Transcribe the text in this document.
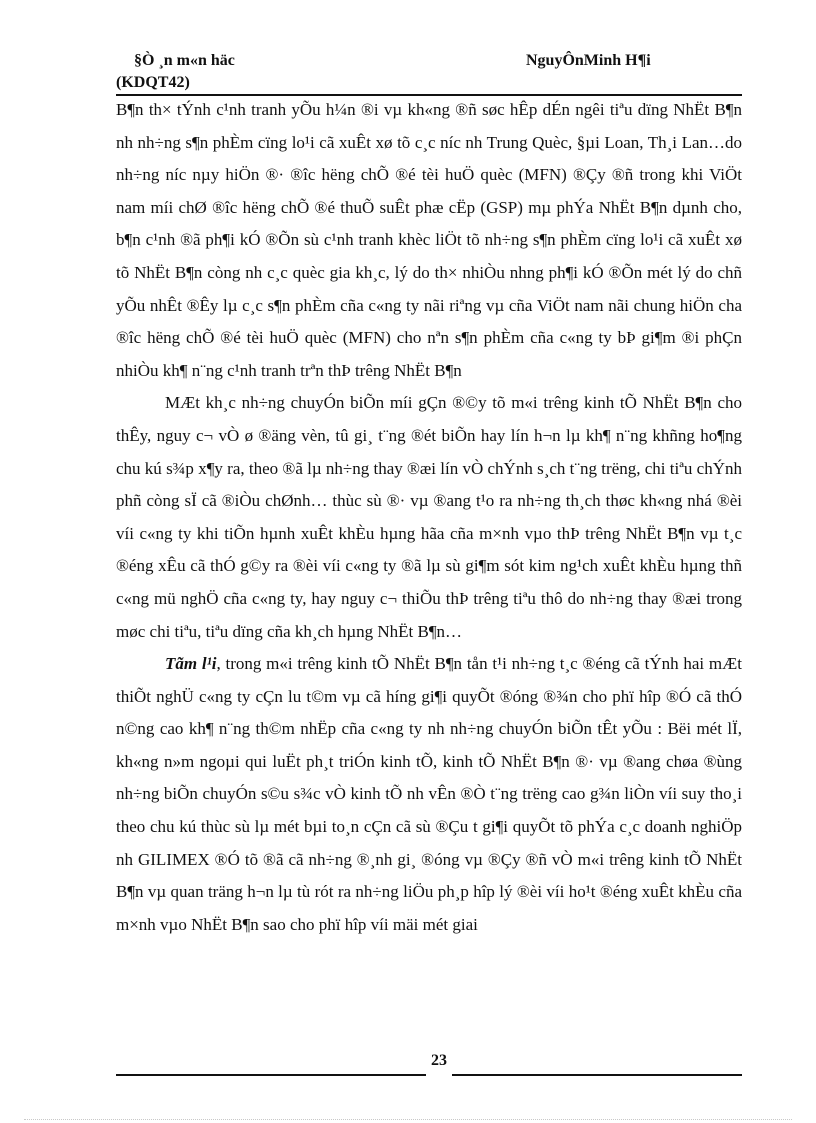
§Ò ¸n m«n häc
(KDQT42)
NguyÔnMinh H¶i

B¶n th× tÝnh c¹nh tranh yÕu h¼n ®i vµ kh«ng ®ñ søc hÊp dÉn ngêi tiªu dïng NhËt B¶n nh nh÷ng s¶n phÈm cïng lo¹i cã xuÊt xø tõ c¸c níc nh Trung Quèc, §µi Loan, Th¸i Lan…do nh÷ng níc nµy hiÖn ®· ®îc hëng chÕ ®é tèi huÖ quèc (MFN) ®Çy ®ñ trong khi ViÖt nam míi chØ ®îc hëng chÕ ®é thuÕ suÊt phæ cËp (GSP) mµ phÝa NhËt B¶n dµnh cho, b¶n c¹nh ®ã ph¶i kÓ ®Õn sù c¹nh tranh khèc liÖt tõ nh÷ng s¶n phÈm cïng lo¹i cã xuÊt xø tõ NhËt B¶n còng nh c¸c quèc gia kh¸c, lý do th× nhiÒu nhng ph¶i kÓ ®Õn mét lý do chñ yÕu nhÊt ®Êy lµ c¸c s¶n phÈm cña c«ng ty nãi riªng vµ cña ViÖt nam nãi chung hiÖn cha ®îc hëng chÕ ®é tèi huÖ quèc (MFN) cho nªn s¶n phÈm cña c«ng ty bÞ gi¶m ®i phÇn nhiÒu kh¶ n¨ng c¹nh tranh trªn thÞ trêng NhËt B¶n

MÆt kh¸c nh÷ng chuyÓn biÕn míi gÇn ®©y tõ m«i trêng kinh tÕ NhËt B¶n cho thÊy, nguy c¬ vÒ ø ®äng vèn, tû gi¸ t¨ng ®ét biÕn hay lín h¬n lµ kh¶ n¨ng khñng ho¶ng chu kú s¾p x¶y ra, theo ®ã lµ nh÷ng thay ®æi lín vÒ chÝnh s¸ch t¨ng trëng, chi tiªu chÝnh phñ còng sÏ cã ®iÒu chØnh… thùc sù ®· vµ ®ang t¹o ra nh÷ng th¸ch thøc kh«ng nhá ®èi víi c«ng ty khi tiÕn hµnh xuÊt khÈu hµng hãa cña m×nh vµo thÞ trêng NhËt B¶n vµ t¸c ®éng xÊu cã thÓ g©y ra ®èi víi c«ng ty ®ã lµ sù gi¶m sót kim ng¹ch xuÊt khÈu hµng thñ c«ng mü nghÖ cña c«ng ty, hay nguy c¬ thiÕu thÞ trêng tiªu thô do nh÷ng thay ®æi trong møc chi tiªu, tiªu dïng cña kh¸ch hµng NhËt B¶n…

Tãm l¹i, trong m«i trêng kinh tÕ NhËt B¶n tån t¹i nh÷ng t¸c ®éng cã tÝnh hai mÆt thiÕt nghÜ c«ng ty cÇn lu t©m vµ cã híng gi¶i quyÕt ®óng ®¾n cho phï hîp ®Ó cã thÓ n©ng cao kh¶ n¨ng th©m nhËp cña c«ng ty nh nh÷ng chuyÓn biÕn tÊt yÕu : Bëi mét lÏ, kh«ng n»m ngoµi qui luËt ph¸t triÓn kinh tÕ, kinh tÕ NhËt B¶n ®· vµ ®ang chøa ®ùng nh÷ng biÕn chuyÓn s©u s¾c vÒ kinh tÕ nh vÊn ®Ò t¨ng trëng cao g¾n liÒn víi suy tho¸i theo chu kú thùc sù lµ mét bµi to¸n cÇn cã sù ®Çu t gi¶i quyÕt tõ phÝa c¸c doanh nghiÖp nh GILIMEX ®Ó tõ ®ã cã nh÷ng ®¸nh gi¸ ®óng vµ ®Çy ®ñ vÒ m«i trêng kinh tÕ NhËt B¶n vµ quan träng h¬n lµ tù rót ra nh÷ng liÖu ph¸p hîp lý ®èi víi ho¹t ®éng xuÊt khÈu cña m×nh vµo NhËt B¶n sao cho phï hîp víi mäi mét giai

23
